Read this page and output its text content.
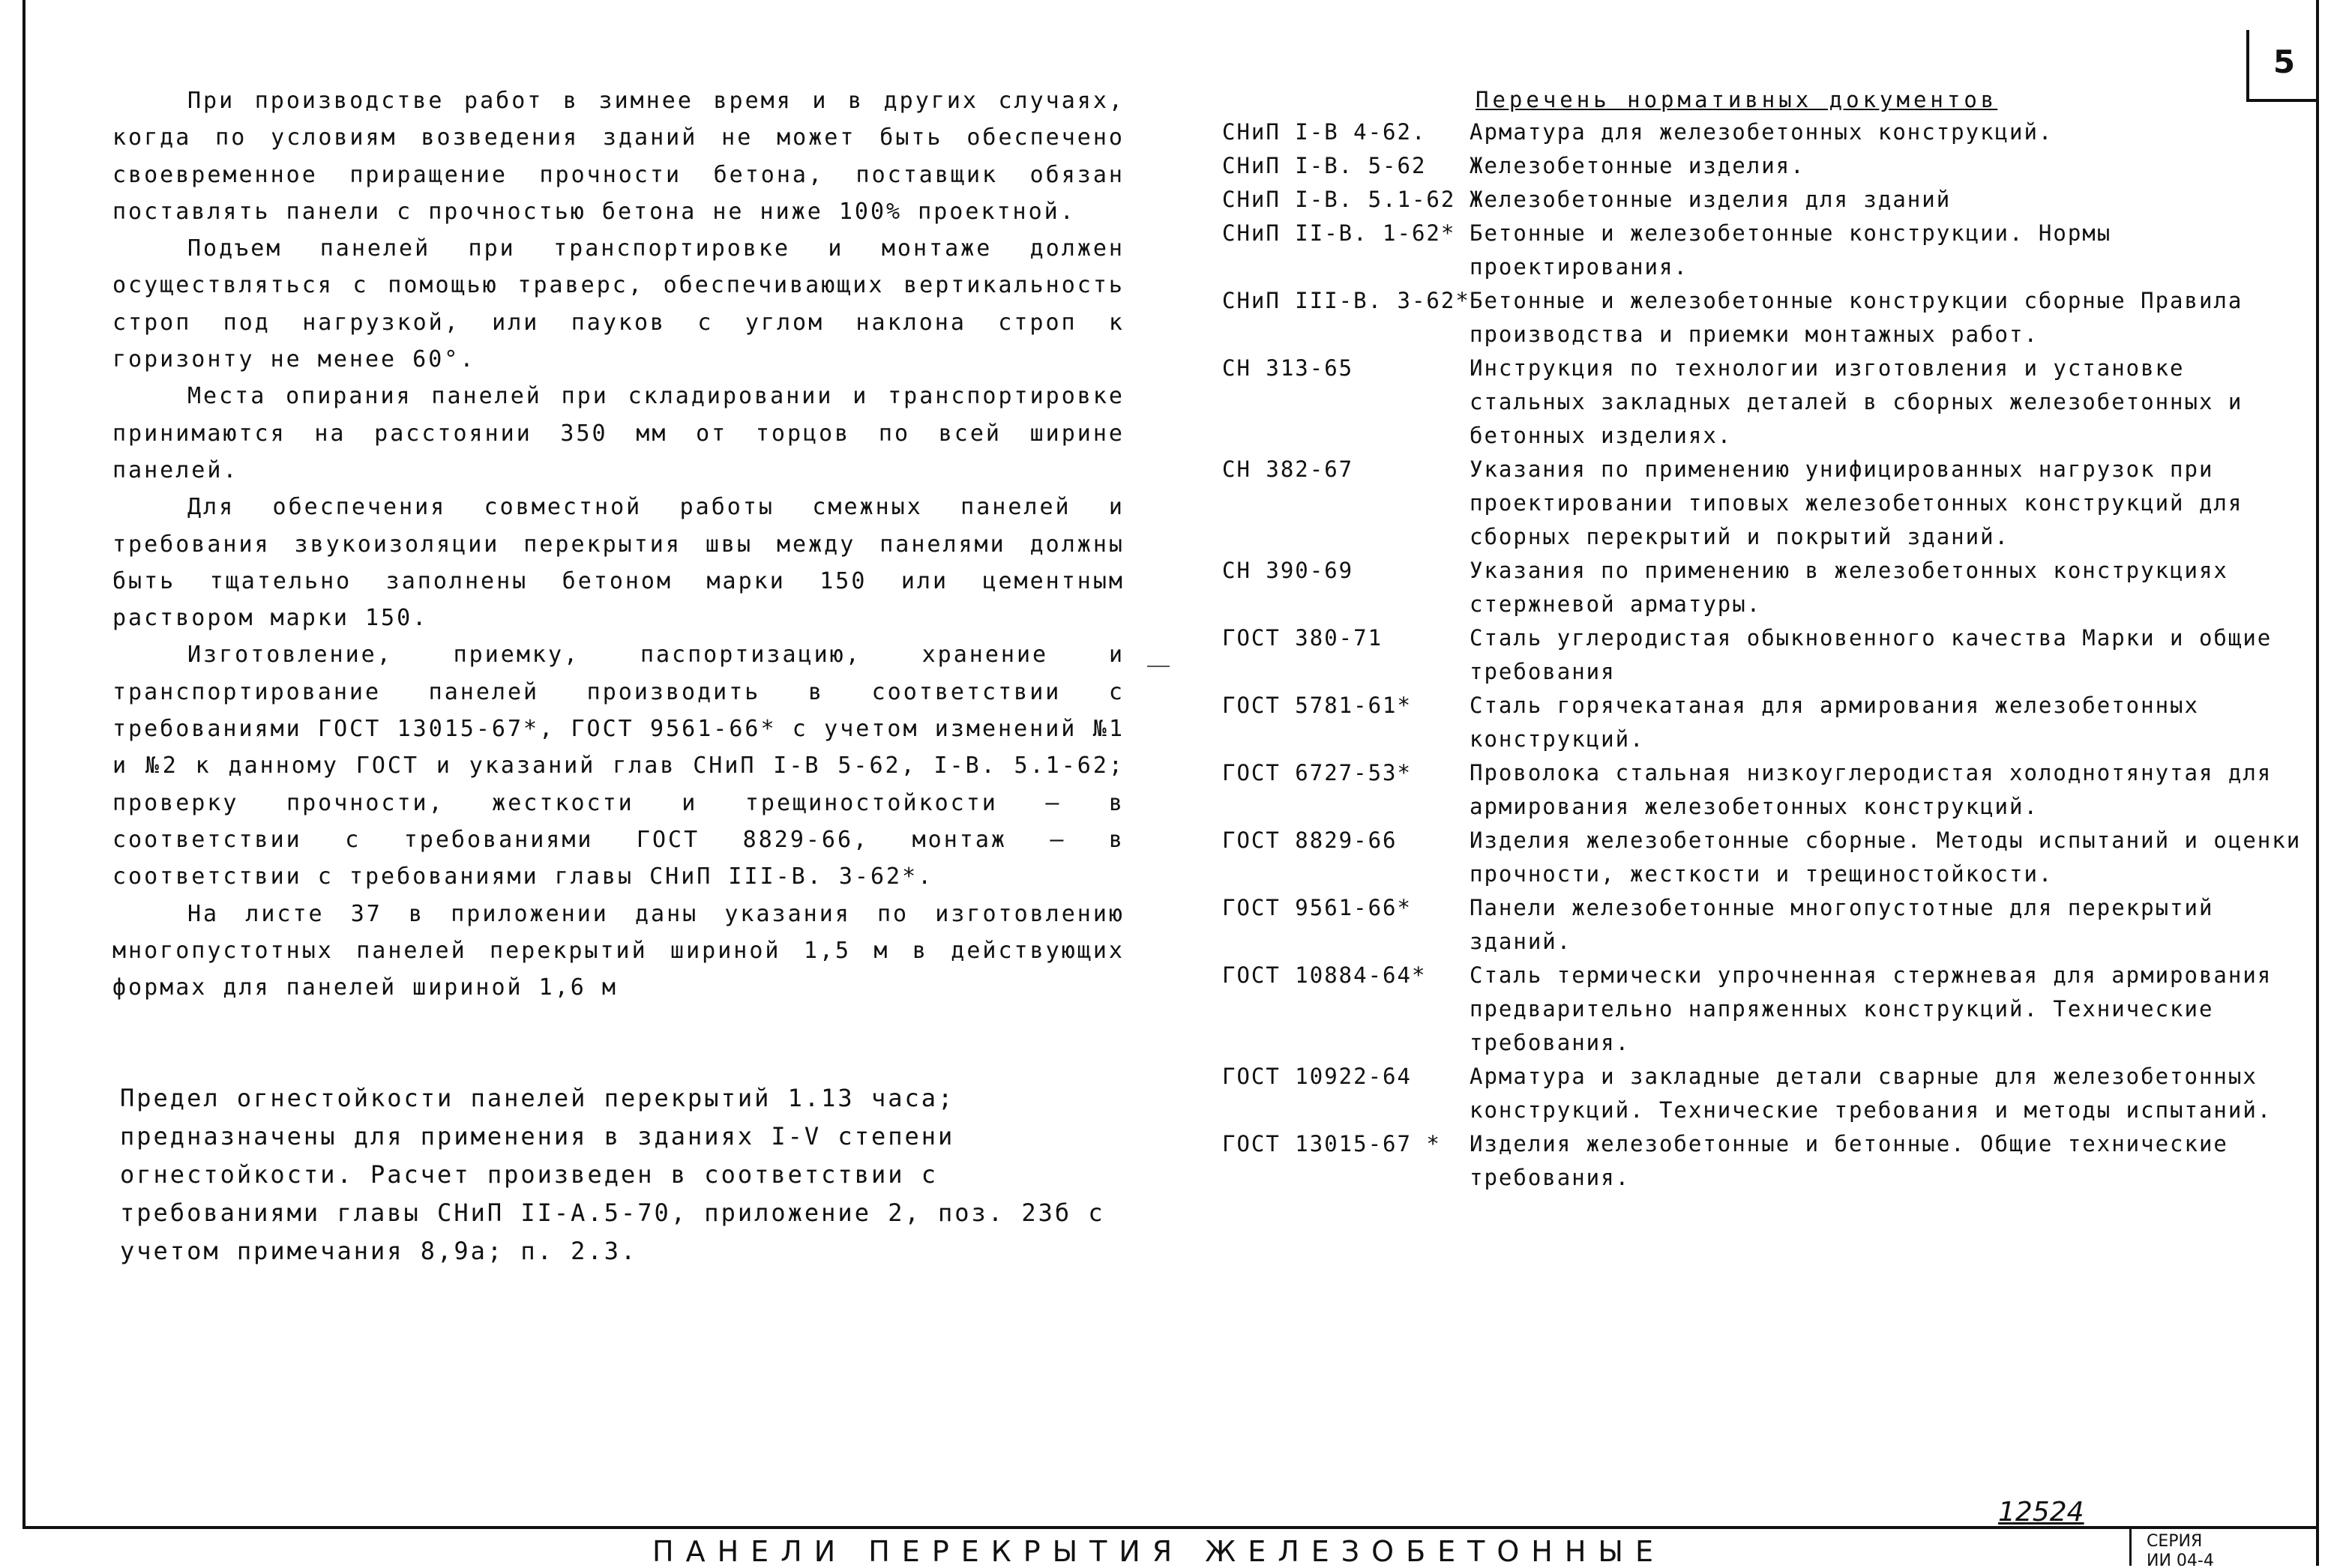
5

При производстве работ в зимнее время и в других случаях, когда по условиям возведения зданий не может быть обеспечено своевременное приращение прочности бетона, поставщик обязан поставлять панели с прочностью бетона не ниже 100% проектной.

Подъем панелей при транспортировке и монтаже должен осуществляться с помощью траверс, обеспечивающих вертикальность строп под нагрузкой, или пауков с углом наклона строп к горизонту не менее 60°.

Места опирания панелей при складировании и транспортировке принимаются на расстоянии 350 мм от торцов по всей ширине панелей.

Для обеспечения совместной работы смежных панелей и требования звукоизоляции перекрытия швы между панелями должны быть тщательно заполнены бетоном марки 150 или цементным раствором марки 150.

Изготовление, приемку, паспортизацию, хранение и транспортирование панелей производить в соответствии с требованиями ГОСТ 13015-67*, ГОСТ 9561-66* с учетом изменений №1 и №2 к данному ГОСТ и указаний глав СНиП I-В 5-62, I-В. 5.1-62; проверку прочности, жесткости и трещиностойкости – в соответствии с требованиями ГОСТ 8829-66, монтаж – в соответствии с требованиями главы СНиП III-В. 3-62*.

На листе 37 в приложении даны указания по изготовлению многопустотных панелей перекрытий шириной 1,5 м в действующих формах для панелей шириной 1,6 м

Предел огнестойкости панелей перекрытий 1.13 часа; предназначены для применения в зданиях I-V степени огнестойкости. Расчет произведен в соответствии с требованиями главы СНиП II-А.5-70, приложение 2, поз. 23б с учетом примечания 8,9а; п. 2.3.
Перечень нормативных документов
СНиП I-В 4-62.	Арматура для железобетонных конструкций.
СНиП I-В. 5-62	Железобетонные изделия.
СНиП I-В. 5.1-62 Железобетонные изделия для зданий
СНиП II-В. 1-62* Бетонные и железобетонные конструкции. Нормы проектирования.
СНиП III-В. 3-62* Бетонные и железобетонные конструкции сборные Правила производства и приемки монтажных работ.
СН 313-65	Инструкция по технологии изготовления и установке стальных закладных деталей в сборных железобетонных и бетонных изделиях.
СН 382-67	Указания по применению унифицированных нагрузок при проектировании типовых железобетонных конструкций для сборных перекрытий и покрытий зданий.
СН 390-69	Указания по применению в железобетонных конструкциях стержневой арматуры.
ГОСТ 380-71	Сталь углеродистая обыкновенного качества Марки и общие требования
ГОСТ 5781-61*	Сталь горячекатаная для армирования железобетонных конструкций.
ГОСТ 6727-53*	Проволока стальная низкоуглеродистая холоднотянутая для армирования железобетонных конструкций.
ГОСТ 8829-66	Изделия железобетонные сборные. Методы испытаний и оценки прочности, жесткости и трещиностойкости.
ГОСТ 9561-66*	Панели железобетонные многопустотные для перекрытий зданий.
ГОСТ 10884-64*	Сталь термически упрочненная стержневая для армирования предварительно напряженных конструкций. Технические требования.
ГОСТ 10922-64	Арматура и закладные детали сварные для железобетонных конструкций. Технические требования и методы испытаний.
ГОСТ 13015-67 *	Изделия железобетонные и бетонные. Общие технические требования.
12524
ПАНЕЛИ ПЕРЕКРЫТИЯ ЖЕЛЕЗОБЕТОННЫЕ	СЕРИЯ
ИИ 04-4
